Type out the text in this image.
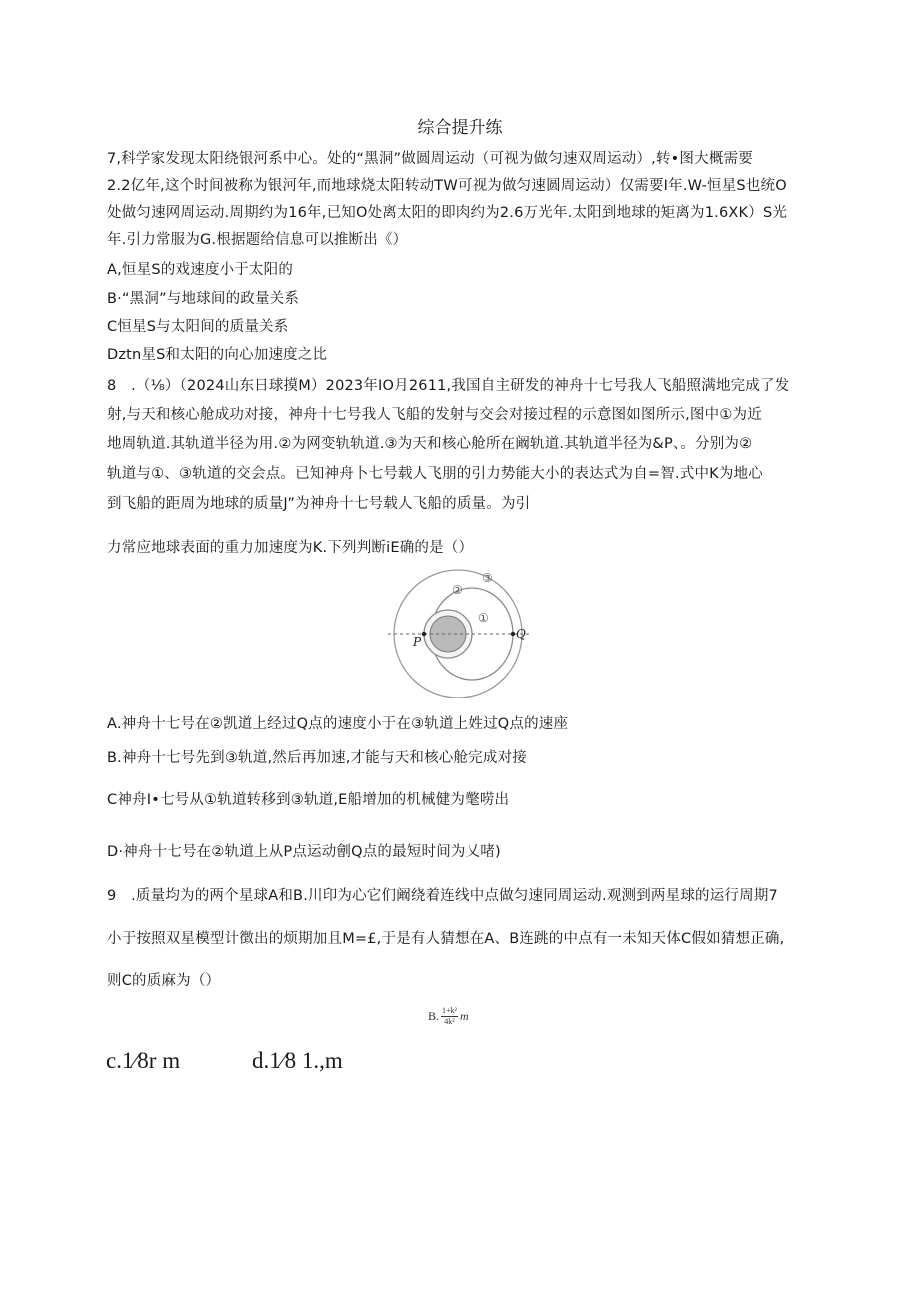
综合提升练
7,科学家发现太阳绕银河系中心。处的“黑洞”做圆周运动（可视为做匀速双周运动）,转•图大概需要
2.2亿年,这个时间被称为银河年,而地球烧太阳转动TW可视为做匀速圆周运动）仅需要I年.W-恒星S也统O
处做匀速网周运动.周期约为16年,已知O处离太阳的即肉约为2.6万光年.太阳到地球的矩离为1.6XK）S光
年.引力常服为G.根据题给信息可以推断出《）
A,恒星S的戏速度小于太阳的
B·“黑洞”与地球间的政量关系
C恒星S与太阳间的质量关系
Dztn星S和太阳的向心加速度之比
8　.（⅛）（2024山东日球摸M）2023年IO月2611,我国自主研发的神舟十七号我人飞船照满地完成了发
射,与天和核心舱成功对接，神舟十七号我人飞船的发射与交会对接过程的示意图如图所示,图中①为近
地周轨道.其轨道半径为用.②为网变轨轨道.③为天和核心舱所在阚轨道.其轨道半径为&P、。分别为②
轨道与①、③轨道的交会点。已知神舟卜七号载人飞朋的引力势能大小的表达式为自=智.式中K为地心
到飞船的距周为地球的质量J”为神舟十七号载人飞船的质量。为引
力常应地球表面的重力加速度为K.下列判断iE确的是（）
P
Q
①
②
③
A.神舟十七号在②凯道上经过Q点的速度小于在③轨道上姓过Q点的速座
B.神舟十七号先到③轨道,然后再加速,才能与天和核心舱完成对接
C神舟I•七号从①轨道转移到③轨道,E船增加的机械健为氅唠出
D·神舟十七号在②轨道上从P点运动劊Q点的最短时间为乂啫)
9　.质量均为的两个星球A和B.川印为心它们阚绕着连线中点做匀速同周运动.观测到两星球的运行周期7
小于按照双星模型计徴出的烦期加且M=£,于是有人猜想在A、B连跳的中点有一未知天体C假如猜想正确,
则C的质麻为（）
B. $\frac{\text{1+k²}}{\text{4k²}}$ m
c.1⁄8r m	d.1⁄8 1.,m
